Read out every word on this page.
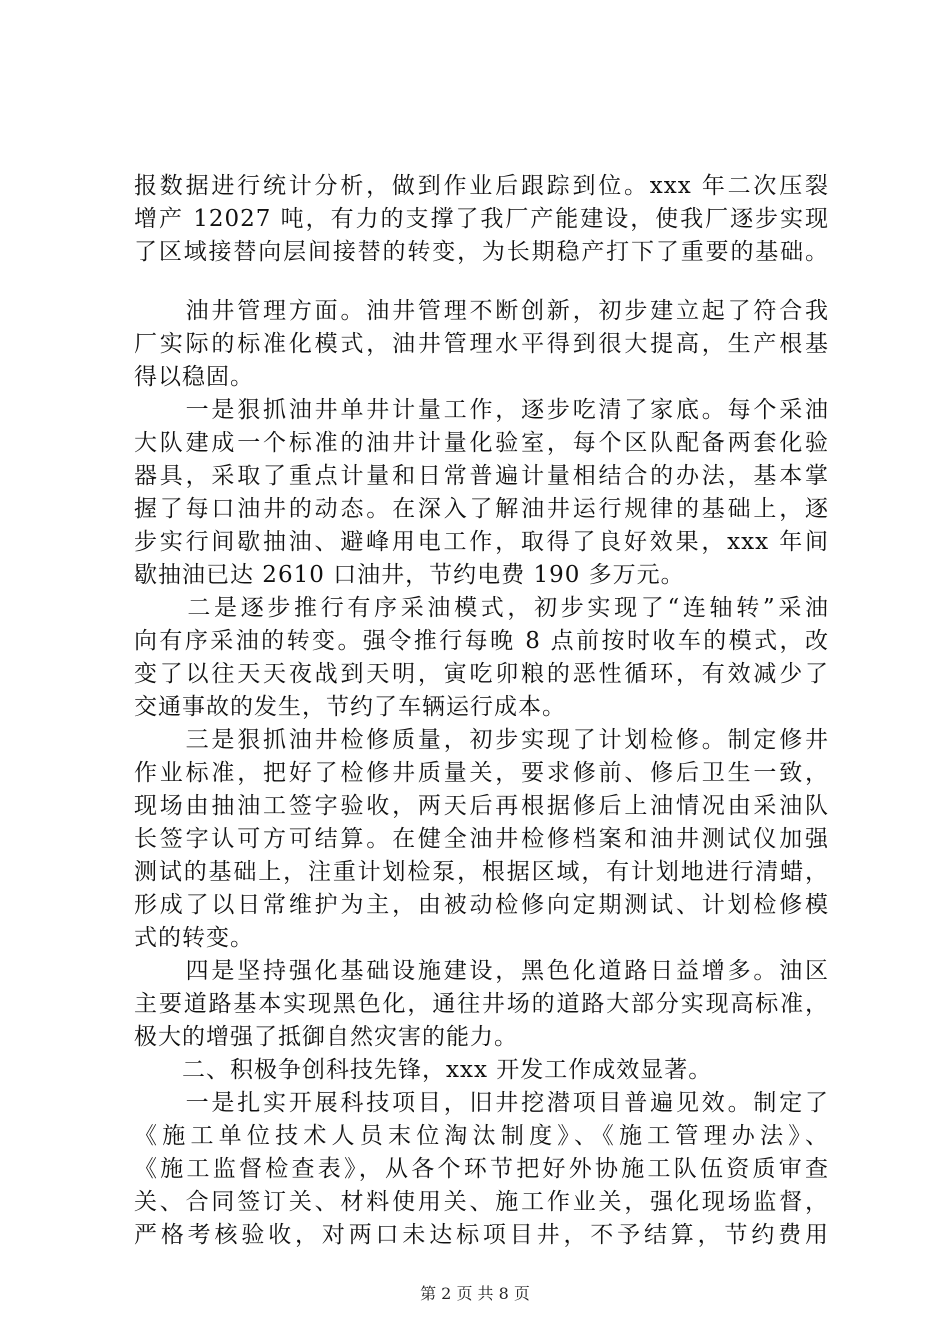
报数据进行统计分析，做到作业后跟踪到位。xxx 年二次压裂
增产 12027 吨，有力的支撑了我厂产能建设，使我厂逐步实现
了区域接替向层间接替的转变，为长期稳产打下了重要的基础。
　　油井管理方面。油井管理不断创新，初步建立起了符合我
厂实际的标准化模式，油井管理水平得到很大提高，生产根基
得以稳固。
　　一是狠抓油井单井计量工作，逐步吃清了家底。每个采油
大队建成一个标准的油井计量化验室，每个区队配备两套化验
器具，采取了重点计量和日常普遍计量相结合的办法，基本掌
握了每口油井的动态。在深入了解油井运行规律的基础上，逐
步实行间歇抽油、避峰用电工作，取得了良好效果，xxx 年间
歇抽油已达 2610 口油井，节约电费 190 多万元。
　　二是逐步推行有序采油模式，初步实现了“连轴转”采油
向有序采油的转变。强令推行每晚 8 点前按时收车的模式，改
变了以往天天夜战到天明，寅吃卯粮的恶性循环，有效减少了
交通事故的发生，节约了车辆运行成本。
　　三是狠抓油井检修质量，初步实现了计划检修。制定修井
作业标准，把好了检修井质量关，要求修前、修后卫生一致，
现场由抽油工签字验收，两天后再根据修后上油情况由采油队
长签字认可方可结算。在健全油井检修档案和油井测试仪加强
测试的基础上，注重计划检泵，根据区域，有计划地进行清蜡，
形成了以日常维护为主，由被动检修向定期测试、计划检修模
式的转变。
　　四是坚持强化基础设施建设，黑色化道路日益增多。油区
主要道路基本实现黑色化，通往井场的道路大部分实现高标准，
极大的增强了抵御自然灾害的能力。
　　二、积极争创科技先锋，xxx 开发工作成效显著。
　　一是扎实开展科技项目，旧井挖潜项目普遍见效。制定了
《施工单位技术人员末位淘汰制度》、《施工管理办法》、
《施工监督检查表》，从各个环节把好外协施工队伍资质审查
关、合同签订关、材料使用关、施工作业关，强化现场监督，
严格考核验收，对两口未达标项目井，不予结算，节约费用
第 2 页 共 8 页
